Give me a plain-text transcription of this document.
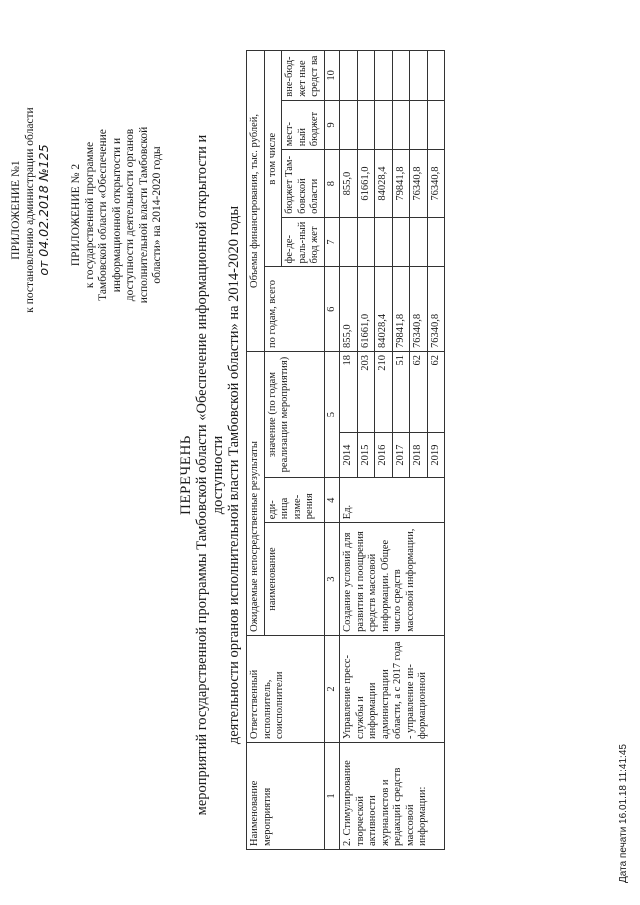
ПРИЛОЖЕНИЕ №1 к постановлению администрации области от 04.02.2018 №125 ПРИЛОЖЕНИЕ № 2 к государственной программе Тамбовской области «Обеспечение информационной открытости и доступности деятельности органов исполнительной власти Тамбовской области» на 2014-2020 годы
ПЕРЕЧЕНЬ мероприятий государственной программы Тамбовской области «Обеспечение информационной открытости и доступности деятельности органов исполнительной власти Тамбовской области» на 2014-2020 годы
Наименование мероприятия	Ответственный исполнитель, соисполнители	Ожидаемые непосредственные результаты				Объемы финансирования, тыс. рублей,				
		наименование	еди-ница изме-рения	значение (по годам реализации мероприятия)		по годам, всего	в том числе			
							фе-де-раль-ный бюд жет	бюджет Там-бовской области	мест-ный бюджет	вне-бюд-жет ные средст ва
1	2	3	4	5		6	7	8	9	10
2. Стимулирование творческой активности журналистов и редакций средств массовой информации:	Управление пресс-службы и информации администрации области, а с 2017 года - управление ин-формационной	Создание условий для развития и поощрения средств массовой информации. Общее число средств массовой информации,	Ед.	2014	18	855,0		855,0		
				2015	203	61661,0		61661,0		
				2016	210	84028,4		84028,4		
				2017	51	79841,8		79841,8		
				2018	62	76340,8		76340,8		
				2019	62	76340,8		76340,8		
Дата печати 16.01.18 11:41:45
